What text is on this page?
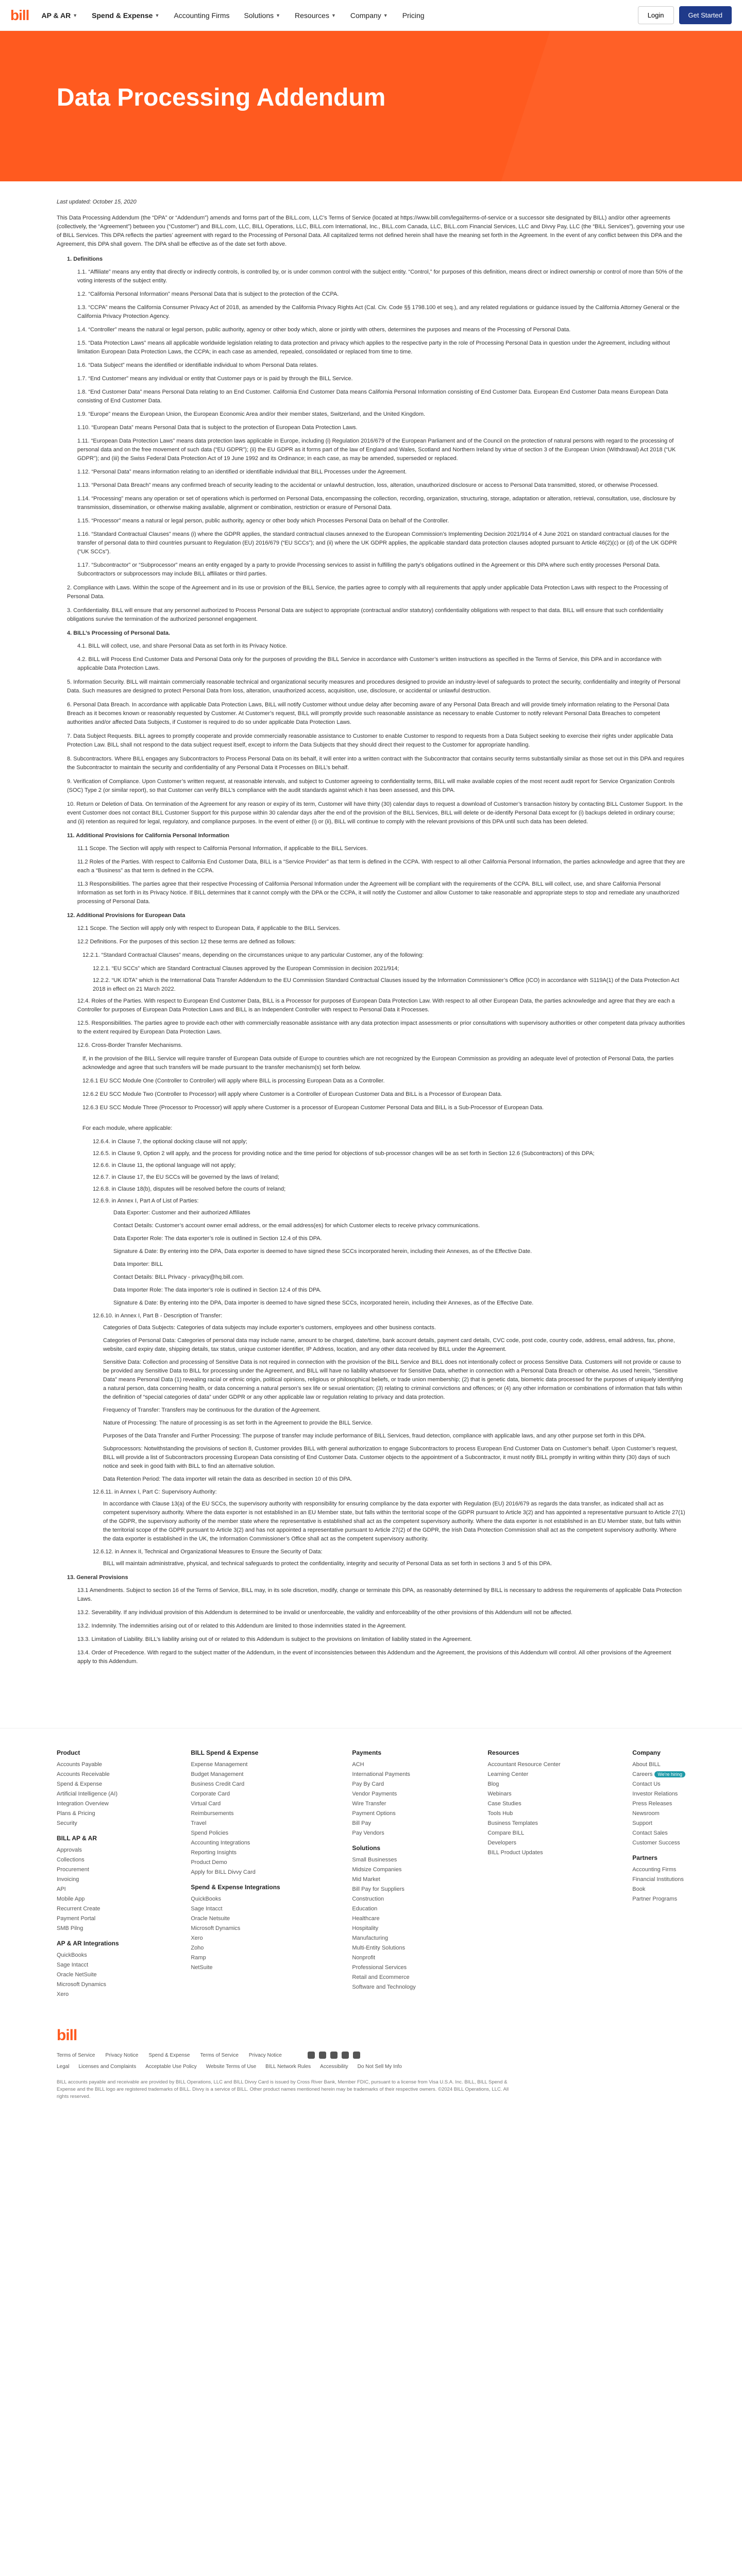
bill AP & AR ▼ Spend & Expense ▼ Accounting Firms Solutions ▼ Resources ▼ Company ▼ Pricing	Login	Get Started
Data Processing Addendum

Last updated: October 15, 2020

This Data Processing Addendum (the “DPA” or “Addendum”) amends and forms part of the BILL.com, LLC’s Terms of Service (located at https://www.bill.com/legal/terms-of-service or a successor site designated by BILL) and/or other agreements (collectively, the “Agreement”) between you (“Customer”) and BILL.com, LLC, BILL Operations, LLC, BILL.com International, Inc., BILL.com Canada, LLC, BILL.com Financial Services, LLC and Divvy Pay, LLC (the “BILL Services”), governing your use of BILL Services. This DPA reflects the parties’ agreement with regard to the Processing of Personal Data. All capitalized terms not defined herein shall have the meaning set forth in the Agreement. In the event of any conflict between this DPA and the Agreement, this DPA shall govern. The DPA shall be effective as of the date set forth above.

1. Definitions

1.1. “Affiliate” means any entity that directly or indirectly controls, is controlled by, or is under common control with the subject entity. “Control,” for purposes of this definition, means direct or indirect ownership or control of more than 50% of the voting interests of the subject entity.

1.2. “California Personal Information” means Personal Data that is subject to the protection of the CCPA.

1.3. “CCPA” means the California Consumer Privacy Act of 2018, as amended by the California Privacy Rights Act (Cal. Civ. Code §§ 1798.100 et seq.), and any related regulations or guidance issued by the California Attorney General or the California Privacy Protection Agency.

1.4. “Controller” means the natural or legal person, public authority, agency or other body which, alone or jointly with others, determines the purposes and means of the Processing of Personal Data.

1.5. “Data Protection Laws” means all applicable worldwide legislation relating to data protection and privacy which applies to the respective party in the role of Processing Personal Data in question under the Agreement, including without limitation European Data Protection Laws, the CCPA; in each case as amended, repealed, consolidated or replaced from time to time.

1.6. “Data Subject” means the identified or identifiable individual to whom Personal Data relates.

1.7. “End Customer” means any individual or entity that Customer pays or is paid by through the BILL Service.

1.8. “End Customer Data” means Personal Data relating to an End Customer. California End Customer Data means California Personal Information consisting of End Customer Data. European End Customer Data means European Data consisting of End Customer Data.

1.9. “Europe” means the European Union, the European Economic Area and/or their member states, Switzerland, and the United Kingdom.

1.10. “European Data” means Personal Data that is subject to the protection of European Data Protection Laws.

1.11. “European Data Protection Laws” means data protection laws applicable in Europe, including (i) Regulation 2016/679 of the European Parliament and of the Council on the protection of natural persons with regard to the processing of personal data and on the free movement of such data (“EU GDPR”); (ii) the EU GDPR as it forms part of the law of England and Wales, Scotland and Northern Ireland by virtue of section 3 of the European Union (Withdrawal) Act 2018 (“UK GDPR”); and (iii) the Swiss Federal Data Protection Act of 19 June 1992 and its Ordinance; in each case, as may be amended, superseded or replaced.

1.12. “Personal Data” means information relating to an identified or identifiable individual that BILL Processes under the Agreement.

1.13. “Personal Data Breach” means any confirmed breach of security leading to the accidental or unlawful destruction, loss, alteration, unauthorized disclosure or access to Personal Data transmitted, stored, or otherwise Processed.

1.14. “Processing” means any operation or set of operations which is performed on Personal Data, encompassing the collection, recording, organization, structuring, storage, adaptation or alteration, retrieval, consultation, use, disclosure by transmission, dissemination, or otherwise making available, alignment or combination, restriction or erasure of Personal Data.

1.15. “Processor” means a natural or legal person, public authority, agency or other body which Processes Personal Data on behalf of the Controller.

1.16. “Standard Contractual Clauses” means (i) where the GDPR applies, the standard contractual clauses annexed to the European Commission’s Implementing Decision 2021/914 of 4 June 2021 on standard contractual clauses for the transfer of personal data to third countries pursuant to Regulation (EU) 2016/679 (“EU SCCs”); and (ii) where the UK GDPR applies, the applicable standard data protection clauses adopted pursuant to Article 46(2)(c) or (d) of the UK GDPR (“UK SCCs”).

1.17. “Subcontractor” or “Subprocessor” means an entity engaged by a party to provide Processing services to assist in fulfilling the party’s obligations outlined in the Agreement or this DPA where such entity processes Personal Data. Subcontractors or subprocessors may include BILL affiliates or third parties.

2. Compliance with Laws. Within the scope of the Agreement and in its use or provision of the BILL Service, the parties agree to comply with all requirements that apply under applicable Data Protection Laws with respect to the Processing of Personal Data.

3. Confidentiality. BILL will ensure that any personnel authorized to Process Personal Data are subject to appropriate (contractual and/or statutory) confidentiality obligations with respect to that data. BILL will ensure that such confidentiality obligations survive the termination of the authorized personnel engagement.

4. BILL’s Processing of Personal Data.

4.1. BILL will collect, use, and share Personal Data as set forth in its Privacy Notice.

4.2. BILL will Process End Customer Data and Personal Data only for the purposes of providing the BILL Service in accordance with Customer’s written instructions as specified in the Terms of Service, this DPA and in accordance with applicable Data Protection Laws.

5. Information Security. BILL will maintain commercially reasonable technical and organizational security measures and procedures designed to provide an industry-level of safeguards to protect the security, confidentiality and integrity of Personal Data. Such measures are designed to protect Personal Data from loss, alteration, unauthorized access, acquisition, use, disclosure, or accidental or unlawful destruction.

6. Personal Data Breach. In accordance with applicable Data Protection Laws, BILL will notify Customer without undue delay after becoming aware of any Personal Data Breach and will provide timely information relating to the Personal Data Breach as it becomes known or reasonably requested by Customer. At Customer’s request, BILL will promptly provide such reasonable assistance as necessary to enable Customer to notify relevant Personal Data Breaches to competent authorities and/or affected Data Subjects, if Customer is required to do so under applicable Data Protection Laws.

7. Data Subject Requests. BILL agrees to promptly cooperate and provide commercially reasonable assistance to Customer to enable Customer to respond to requests from a Data Subject seeking to exercise their rights under applicable Data Protection Law. BILL shall not respond to the data subject request itself, except to inform the Data Subjects that they should direct their request to the Customer for appropriate handling.

8. Subcontractors. Where BILL engages any Subcontractors to Process Personal Data on its behalf, it will enter into a written contract with the Subcontractor that contains security terms substantially similar as those set out in this DPA and requires the Subcontractor to maintain the security and confidentiality of any Personal Data it Processes on BILL’s behalf.

9. Verification of Compliance. Upon Customer’s written request, at reasonable intervals, and subject to Customer agreeing to confidentiality terms, BILL will make available copies of the most recent audit report for Service Organization Controls (SOC) Type 2 (or similar report), so that Customer can verify BILL’s compliance with the audit standards against which it has been assessed, and this DPA.

10. Return or Deletion of Data. On termination of the Agreement for any reason or expiry of its term, Customer will have thirty (30) calendar days to request a download of Customer’s transaction history by contacting BILL Customer Support. In the event Customer does not contact BILL Customer Support for this purpose within 30 calendar days after the end of the provision of the BILL Services, BILL will delete or de-identify Personal Data except for (i) backups deleted in ordinary course; and (ii) retention as required for legal, regulatory, and compliance purposes. In the event of either (i) or (ii), BILL will continue to comply with the relevant provisions of this DPA until such data has been deleted.

11. Additional Provisions for California Personal Information

11.1 Scope. The Section will apply with respect to California Personal Information, if applicable to the BILL Services.

11.2 Roles of the Parties. With respect to California End Customer Data, BILL is a “Service Provider” as that term is defined in the CCPA. With respect to all other California Personal Information, the parties acknowledge and agree that they are each a “Business” as that term is defined in the CCPA.

11.3 Responsibilities. The parties agree that their respective Processing of California Personal Information under the Agreement will be compliant with the requirements of the CCPA. BILL will collect, use, and share California Personal Information as set forth in its Privacy Notice. If BILL determines that it cannot comply with the DPA or the CCPA, it will notify the Customer and allow Customer to take reasonable and appropriate steps to stop and remediate any unauthorized processing of Personal Data.

12. Additional Provisions for European Data

12.1 Scope. The Section will apply only with respect to European Data, if applicable to the BILL Services.

12.2 Definitions. For the purposes of this section 12 these terms are defined as follows:

12.2.1. “Standard Contractual Clauses” means, depending on the circumstances unique to any particular Customer, any of the following:

12.2.1. “EU SCCs” which are Standard Contractual Clauses approved by the European Commission in decision 2021/914;

12.2.2. “UK IDTA” which is the International Data Transfer Addendum to the EU Commission Standard Contractual Clauses issued by the Information Commissioner’s Office (ICO) in accordance with S119A(1) of the Data Protection Act 2018 in effect on 21 March 2022.

12.4. Roles of the Parties. With respect to European End Customer Data, BILL is a Processor for purposes of European Data Protection Law. With respect to all other European Data, the parties acknowledge and agree that they are each a Controller for purposes of European Data Protection Laws and BILL is an Independent Controller with respect to Personal Data it Processes.

12.5. Responsibilities. The parties agree to provide each other with commercially reasonable assistance with any data protection impact assessments or prior consultations with supervisory authorities or other competent data privacy authorities to the extent required by European Data Protection Laws.

12.6. Cross-Border Transfer Mechanisms.

If, in the provision of the BILL Service will require transfer of European Data outside of Europe to countries which are not recognized by the European Commission as providing an adequate level of protection of Personal Data, the parties acknowledge and agree that such transfers will be made pursuant to the transfer mechanism(s) set forth below.

12.6.1 EU SCC Module One (Controller to Controller) will apply where BILL is processing European Data as a Controller.

12.6.2 EU SCC Module Two (Controller to Processor) will apply where Customer is a Controller of European Customer Data and BILL is a Processor of European Data.

12.6.3 EU SCC Module Three (Processor to Processor) will apply where Customer is a processor of European Customer Personal Data and BILL is a Sub-Processor of European Data.

For each module, where applicable:

12.6.4. in Clause 7, the optional docking clause will not apply;

12.6.5. in Clause 9, Option 2 will apply, and the process for providing notice and the time period for objections of sub-processor changes will be as set forth in Section 12.6 (Subcontractors) of this DPA;

12.6.6. in Clause 11, the optional language will not apply;

12.6.7. in Clause 17, the EU SCCs will be governed by the laws of Ireland;

12.6.8. in Clause 18(b), disputes will be resolved before the courts of Ireland;

12.6.9. in Annex I, Part A of List of Parties:

Data Exporter: Customer and their authorized Affiliates

Contact Details: Customer’s account owner email address, or the email address(es) for which Customer elects to receive privacy communications.

Data Exporter Role: The data exporter’s role is outlined in Section 12.4 of this DPA.

Signature & Date: By entering into the DPA, Data exporter is deemed to have signed these SCCs incorporated herein, including their Annexes, as of the Effective Date.

Data Importer: BILL

Contact Details: BILL Privacy - privacy@hq.bill.com.

Data Importer Role: The data importer’s role is outlined in Section 12.4 of this DPA.

Signature & Date: By entering into the DPA, Data importer is deemed to have signed these SCCs, incorporated herein, including their Annexes, as of the Effective Date.

12.6.10. in Annex I, Part B - Description of Transfer:

Categories of Data Subjects: Categories of data subjects may include exporter’s customers, employees and other business contacts.

Categories of Personal Data: Categories of personal data may include name, amount to be charged, date/time, bank account details, payment card details, CVC code, post code, country code, address, email address, fax, phone, website, card expiry date, shipping details, tax status, unique customer identifier, IP Address, location, and any other data received by BILL under the Agreement.

Sensitive Data: Collection and processing of Sensitive Data is not required in connection with the provision of the BILL Service and BILL does not intentionally collect or process Sensitive Data. Customers will not provide or cause to be provided any Sensitive Data to BILL for processing under the Agreement, and BILL will have no liability whatsoever for Sensitive Data, whether in connection with a Personal Data Breach or otherwise. As used herein, “Sensitive Data” means Personal Data (1) revealing racial or ethnic origin, political opinions, religious or philosophical beliefs, or trade union membership; (2) that is genetic data, biometric data processed for the purposes of uniquely identifying a natural person, data concerning health, or data concerning a natural person’s sex life or sexual orientation; (3) relating to criminal convictions and offences; or (4) any other information or combinations of information that falls within the definition of “special categories of data” under GDPR or any other applicable law or regulation relating to privacy and data protection.

Frequency of Transfer: Transfers may be continuous for the duration of the Agreement.

Nature of Processing: The nature of processing is as set forth in the Agreement to provide the BILL Service.

Purposes of the Data Transfer and Further Processing: The purpose of transfer may include performance of BILL Services, fraud detection, compliance with applicable laws, and any other purpose set forth in this DPA.

Subprocessors: Notwithstanding the provisions of section 8, Customer provides BILL with general authorization to engage Subcontractors to process European End Customer Data on Customer’s behalf. Upon Customer’s request, BILL will provide a list of Subcontractors processing European Data consisting of End Customer Data. Customer objects to the appointment of a Subcontractor, it must notify BILL promptly in writing within thirty (30) days of such notice and seek in good faith with BILL to find an alternative solution.

Data Retention Period: The data importer will retain the data as described in section 10 of this DPA.

12.6.11. in Annex I, Part C: Supervisory Authority:

In accordance with Clause 13(a) of the EU SCCs, the supervisory authority with responsibility for ensuring compliance by the data exporter with Regulation (EU) 2016/679 as regards the data transfer, as indicated shall act as competent supervisory authority. Where the data exporter is not established in an EU Member state, but falls within the territorial scope of the GDPR pursuant to Article 3(2) and has appointed a representative pursuant to Article 27(1) of the GDPR, the supervisory authority of the member state where the representative is established shall act as the competent supervisory authority. Where the data exporter is not established in an EU Member state, but falls within the territorial scope of the GDPR pursuant to Article 3(2) and has not appointed a representative pursuant to Article 27(2) of the GDPR, the Irish Data Protection Commission shall act as the competent supervisory authority. Where the data exporter is established in the UK, the Information Commissioner’s Office shall act as the competent supervisory authority.

12.6.12. in Annex II, Technical and Organizational Measures to Ensure the Security of Data:

BILL will maintain administrative, physical, and technical safeguards to protect the confidentiality, integrity and security of Personal Data as set forth in sections 3 and 5 of this DPA.

13. General Provisions

13.1 Amendments. Subject to section 16 of the Terms of Service, BILL may, in its sole discretion, modify, change or terminate this DPA, as reasonably determined by BILL is necessary to address the requirements of applicable Data Protection Laws.

13.2. Severability. If any individual provision of this Addendum is determined to be invalid or unenforceable, the validity and enforceability of the other provisions of this Addendum will not be affected.

13.2. Indemnity. The indemnities arising out of or related to this Addendum are limited to those indemnities stated in the Agreement.

13.3. Limitation of Liability. BILL’s liability arising out of or related to this Addendum is subject to the provisions on limitation of liability stated in the Agreement.

13.4. Order of Precedence. With regard to the subject matter of the Addendum, in the event of inconsistencies between this Addendum and the Agreement, the provisions of this Addendum will control. All other provisions of the Agreement apply to this Addendum.

Product
Accounts Payable
Accounts Receivable
Spend & Expense
Artificial Intelligence (AI)
Integration Overview
Plans & Pricing
Security
BILL AP & AR
Approvals
Collections
Procurement
Invoicing
API
Mobile App
Recurrent Create
Payment Portal
SMB Pilng
AP & AR Integrations
QuickBooks
Sage Intacct
Oracle NetSuite
Microsoft Dynamics
Xero
BILL Spend & Expense
Expense Management
Budget Management
Business Credit Card
Corporate Card
Virtual Card
Reimbursements
Travel
Spend Policies
Accounting Integrations
Reporting Insights
Product Demo
Apply for BILL Divvy Card
Spend & Expense Integrations
QuickBooks
Sage Intacct
Oracle Netsuite
Microsoft Dynamics
Xero
Zoho
Ramp
NetSuite
Payments
ACH
International Payments
Pay By Card
Vendor Payments
Wire Transfer
Payment Options
Bill Pay
Pay Vendors
Solutions
Small Businesses
Midsize Companies
Mid Market
Bill Pay for Suppliers
Construction
Education
Healthcare
Hospitality
Manufacturing
Multi-Entity Solutions
Nonprofit
Professional Services
Retail and Ecommerce
Software and Technology
Resources
Accountant Resource Center
Learning Center
Blog
Webinars
Case Studies
Tools Hub
Business Templates
Compare BILL
Developers
BILL Product Updates
Company
About BILL
Careers We're hiring
Contact Us
Investor Relations
Press Releases
Newsroom
Support
Contact Sales
Customer Success
Partners
Accounting Firms
Financial Institutions
Book
Partner Programs
bill
Terms of Service Privacy Notice Spend & Expense Terms of Service Privacy Notice
Legal Licenses and Complaints Acceptable Use Policy Website Terms of Use BILL Network Rules Accessibility Do Not Sell My Info

BILL accounts payable and receivable are provided by BILL Operations, LLC and BILL Divvy Card is issued by Cross River Bank, Member FDIC, pursuant to a license from Visa U.S.A. Inc. BILL, BILL Spend & Expense and the BILL logo are registered trademarks of BILL. Divvy is a service of BILL. Other product names mentioned herein may be trademarks of their respective owners. ©2024 BILL Operations, LLC. All rights reserved.
